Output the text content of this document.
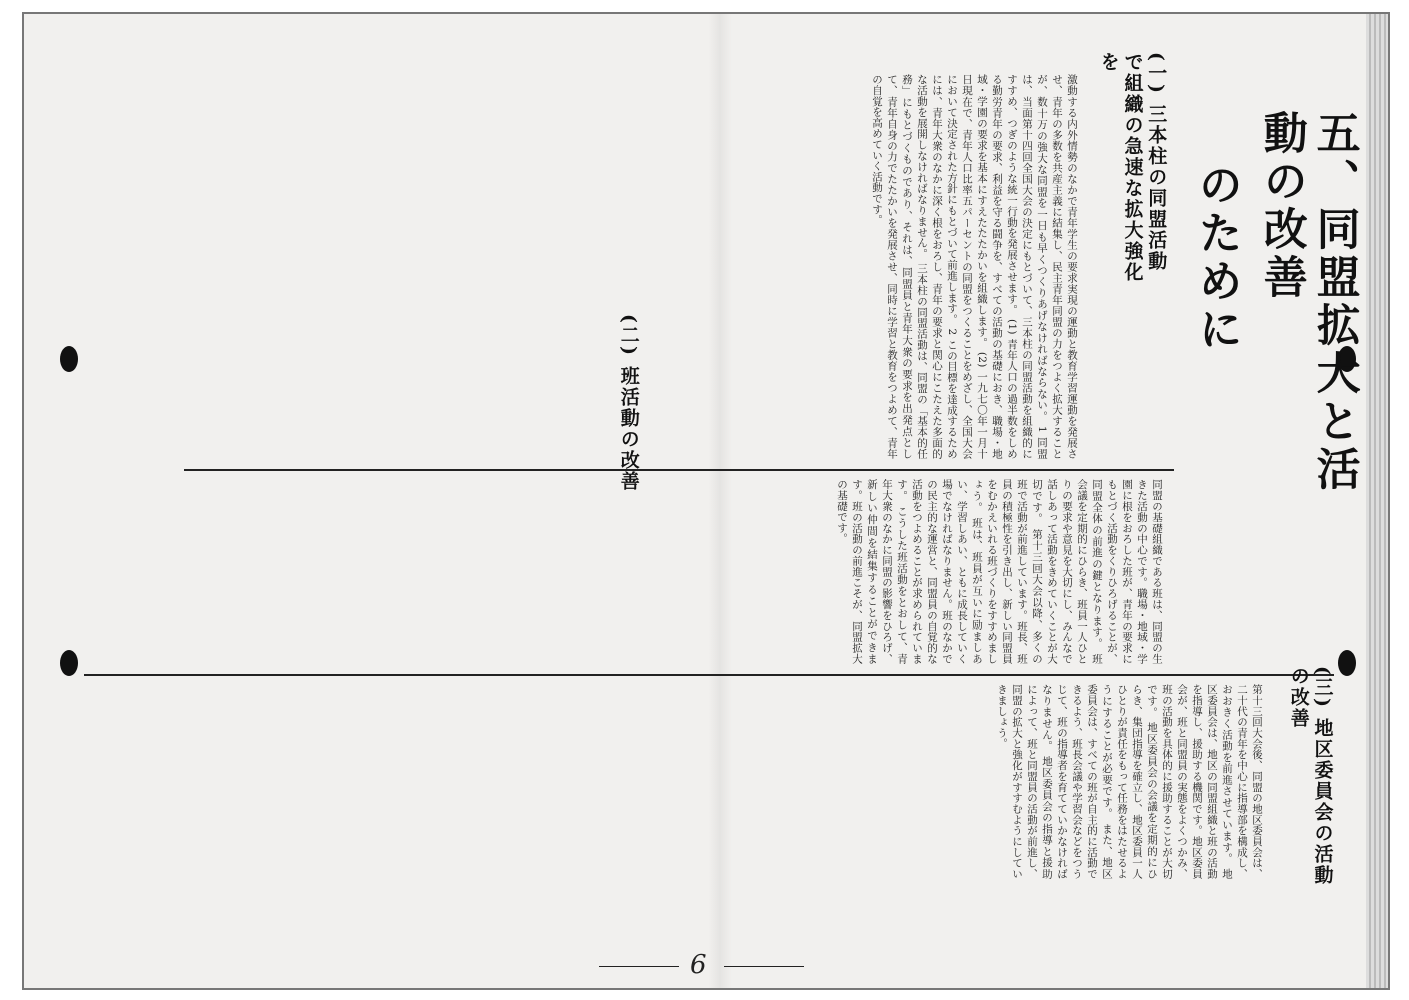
五、同盟拡大と活動の改善
のために
(一) 三本柱の同盟活動で組織の急速な拡大強化を
激動する内外情勢のなかで青年学生の要求実現の運動と教育学習運動を発展させ、青年の多数を共産主義に結集し、民主青年同盟の力をつよく拡大することが、数十万の強大な同盟を一日も早くつくりあげなければならない。 1 同盟は、当面第十四回全国大会の決定にもとづいて、三本柱の同盟活動を組織的にすすめ、つぎのような統一行動を発展させます。 (1) 青年人口の過半数をしめる勤労青年の要求、利益を守る闘争を、すべての活動の基礎におき、職場・地域・学園の要求を基本にすえたたたかいを組織します。 (2) 一九七〇年一月十日現在で、青年人口比率五パーセントの同盟をつくることをめざし、全国大会において決定された方針にもとづいて前進します。 2 この目標を達成するためには、青年大衆のなかに深く根をおろし、青年の要求と関心にこたえた多面的な活動を展開しなければなりません。 三本柱の同盟活動は、同盟の「基本的任務」にもとづくものであり、それは、同盟員と青年大衆の要求を出発点として、青年自身の力でたたかいを発展させ、同時に学習と教育をつよめて、青年の自覚を高めていく活動です。
(二) 班活動の改善
同盟の基礎組織である班は、同盟の生きた活動の中心です。職場・地域・学園に根をおろした班が、青年の要求にもとづく活動をくりひろげることが、同盟全体の前進の鍵となります。 班会議を定期的にひらき、班員一人ひとりの要求や意見を大切にし、みんなで話しあって活動をきめていくことが大切です。 第十三回大会以降、多くの班で活動が前進しています。班長、班員の積極性を引き出し、新しい同盟員をむかえいれる班づくりをすすめましょう。 班は、班員が互いに励ましあい、学習しあい、ともに成長していく場でなければなりません。班のなかでの民主的な運営と、同盟員の自覚的な活動をつよめることが求められています。 こうした班活動をとおして、青年大衆のなかに同盟の影響をひろげ、新しい仲間を結集することができます。班の活動の前進こそが、同盟拡大の基礎です。
(三) 地区委員会の活動の改善
第十三回大会後、同盟の地区委員会は、二十代の青年を中心に指導部を構成し、おおきく活動を前進させています。 地区委員会は、地区の同盟組織と班の活動を指導し、援助する機関です。地区委員会が、班と同盟員の実態をよくつかみ、班の活動を具体的に援助することが大切です。 地区委員会の会議を定期的にひらき、集団指導を確立し、地区委員一人ひとりが責任をもって任務をはたせるようにすることが必要です。 また、地区委員会は、すべての班が自主的に活動できるよう、班長会議や学習会などをつうじて、班の指導者を育てていかなければなりません。 地区委員会の指導と援助によって、班と同盟員の活動が前進し、同盟の拡大と強化がすすむようにしていきましょう。
6
